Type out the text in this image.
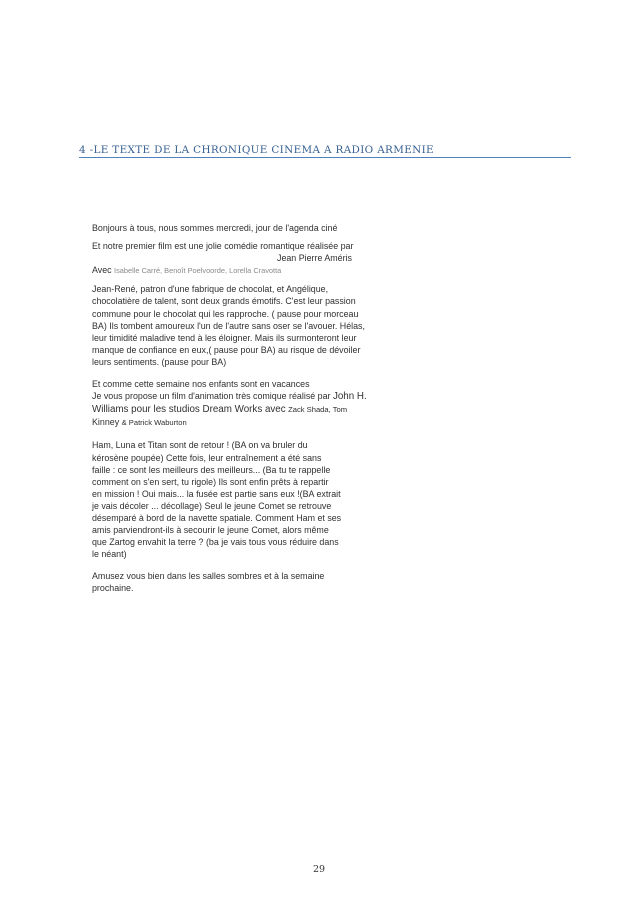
4 -LE TEXTE DE LA CHRONIQUE CINEMA A RADIO ARMENIE

Bonjours à tous, nous sommes mercredi, jour de l'agenda ciné

Et notre premier film est une jolie comédie romantique réalisée par

Jean Pierre Améris

Avec Isabelle Carré, Benoît Poelvoorde, Lorella Cravotta

Jean-René, patron d'une fabrique de chocolat, et Angélique,

chocolatière de talent, sont deux grands émotifs. C'est leur passion

commune pour le chocolat qui les rapproche. ( pause pour morceau

BA) Ils tombent amoureux l'un de l'autre sans oser se l'avouer. Hélas,

leur timidité maladive tend à les éloigner. Mais ils surmonteront leur

manque de confiance en eux,( pause pour BA) au risque de dévoiler

leurs sentiments. (pause pour BA)

Et comme cette semaine nos enfants sont en vacances

Je vous propose un film d'animation très comique réalisé par John H.

Williams pour les studios Dream Works avec Zack Shada, Tom

Kinney & Patrick Waburton

Ham, Luna et Titan sont de retour ! (BA on va bruler du

kérosène poupée) Cette fois, leur entraînement a été sans

faille : ce sont les meilleurs des meilleurs... (Ba tu te rappelle

comment on s'en sert, tu rigole) Ils sont enfin prêts à repartir

en mission ! Oui mais... la fusée est partie sans eux !(BA extrait

je vais décoler ... décollage) Seul le jeune Comet se retrouve

désemparé à bord de la navette spatiale. Comment Ham et ses

amis parviendront-ils à secourir le jeune Comet, alors même

que Zartog envahit la terre ? (ba je vais tous vous réduire dans

le néant)

Amusez vous bien dans les salles sombres et à la semaine

prochaine.

29
